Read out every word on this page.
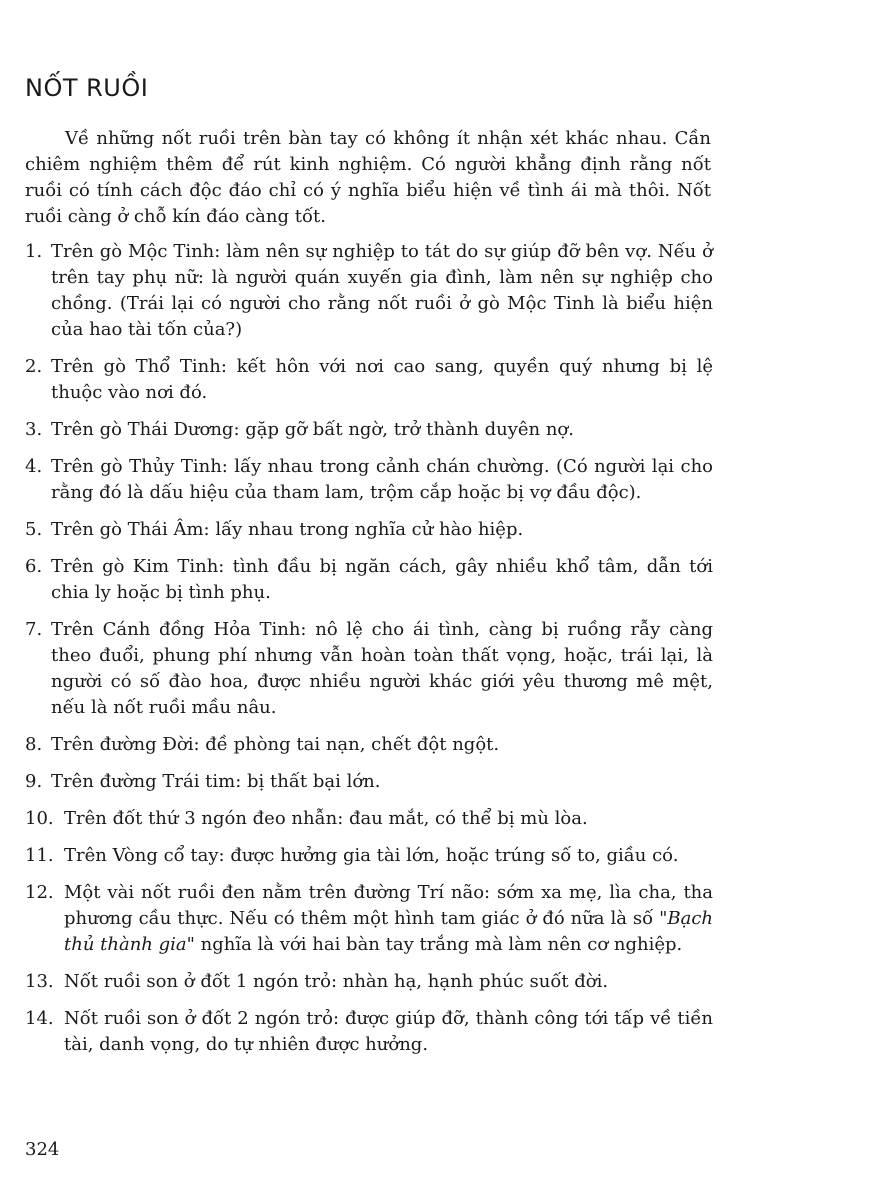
NỐT RUỒI

Về những nốt ruồi trên bàn tay có không ít nhận xét khác nhau. Cần chiêm nghiệm thêm để rút kinh nghiệm. Có người khẳng định rằng nốt ruồi có tính cách độc đáo chỉ có ý nghĩa biểu hiện về tình ái mà thôi. Nốt ruồi càng ở chỗ kín đáo càng tốt.

1. Trên gò Mộc Tinh: làm nên sự nghiệp to tát do sự giúp đỡ bên vợ. Nếu ở trên tay phụ nữ: là người quán xuyến gia đình, làm nên sự nghiệp cho chồng. (Trái lại có người cho rằng nốt ruồi ở gò Mộc Tinh là biểu hiện của hao tài tốn của?)
2. Trên gò Thổ Tinh: kết hôn với nơi cao sang, quyền quý nhưng bị lệ thuộc vào nơi đó.
3. Trên gò Thái Dương: gặp gỡ bất ngờ, trở thành duyên nợ.
4. Trên gò Thủy Tinh: lấy nhau trong cảnh chán chường. (Có người lại cho rằng đó là dấu hiệu của tham lam, trộm cắp hoặc bị vợ đầu độc).
5. Trên gò Thái Âm: lấy nhau trong nghĩa cử hào hiệp.
6. Trên gò Kim Tinh: tình đầu bị ngăn cách, gây nhiều khổ tâm, dẫn tới chia ly hoặc bị tình phụ.
7. Trên Cánh đồng Hỏa Tinh: nô lệ cho ái tình, càng bị ruồng rẫy càng theo đuổi, phung phí nhưng vẫn hoàn toàn thất vọng, hoặc, trái lại, là người có số đào hoa, được nhiều người khác giới yêu thương mê mệt, nếu là nốt ruồi mầu nâu.
8. Trên đường Đời: đề phòng tai nạn, chết đột ngột.
9. Trên đường Trái tim: bị thất bại lớn.
10. Trên đốt thứ 3 ngón đeo nhẫn: đau mắt, có thể bị mù lòa.
11. Trên Vòng cổ tay: được hưởng gia tài lớn, hoặc trúng số to, giầu có.
12. Một vài nốt ruồi đen nằm trên đường Trí não: sớm xa mẹ, lìa cha, tha phương cầu thực. Nếu có thêm một hình tam giác ở đó nữa là số "Bạch thủ thành gia" nghĩa là với hai bàn tay trắng mà làm nên cơ nghiệp.
13. Nốt ruồi son ở đốt 1 ngón trỏ: nhàn hạ, hạnh phúc suốt đời.
14. Nốt ruồi son ở đốt 2 ngón trỏ: được giúp đỡ, thành công tới tấp về tiền tài, danh vọng, do tự nhiên được hưởng.

324
